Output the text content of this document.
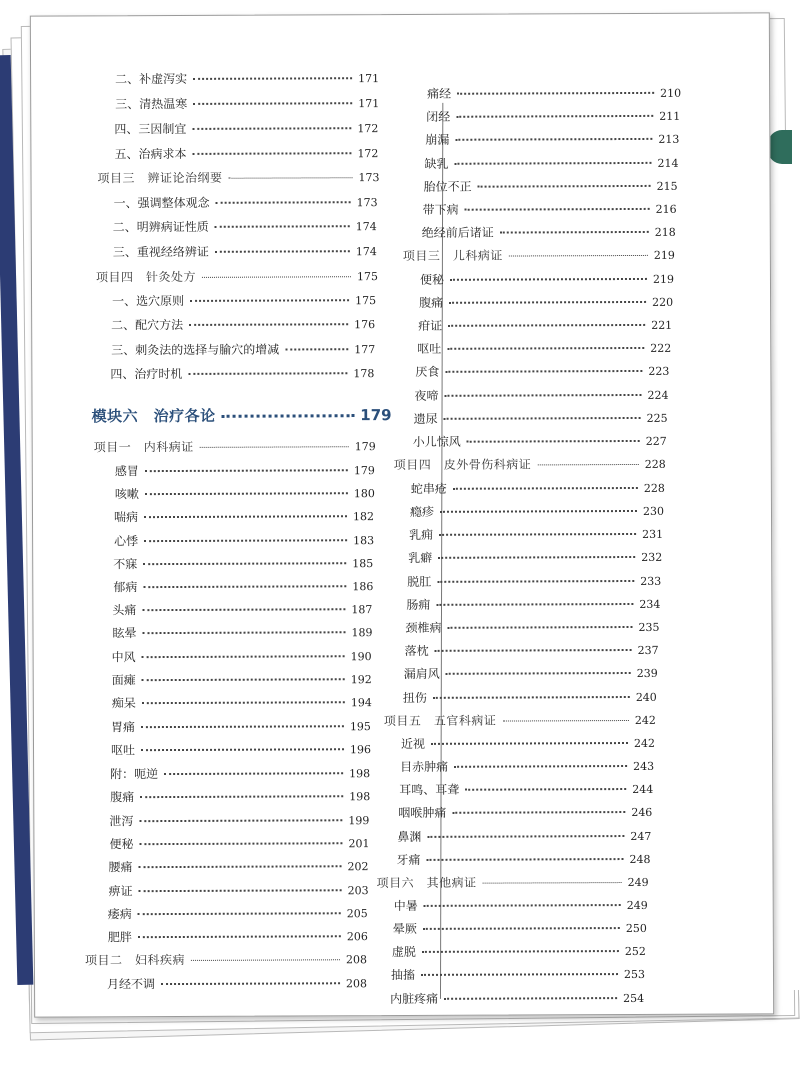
二、补虚泻实	171
三、清热温寒	171
四、三因制宜	172
五、治病求本	172
项目三　辨证论治纲要	173
一、强调整体观念	173
二、明辨病证性质	174
三、重视经络辨证	174
项目四　针灸处方	175
一、选穴原则	175
二、配穴方法	176
三、刺灸法的选择与腧穴的增减	177
四、治疗时机	178
模块六　治疗各论	179
项目一　内科病证	179
感冒	179
咳嗽	180
喘病	182
心悸	183
不寐	185
郁病	186
头痛	187
眩晕	189
中风	190
面瘫	192
痴呆	194
胃痛	195
呕吐	196
附：呃逆	198
腹痛	198
泄泻	199
便秘	201
腰痛	202
痹证	203
痿病	205
肥胖	206
项目二　妇科疾病	208
月经不调	208
痛经	210
闭经	211
崩漏	213
缺乳	214
胎位不正	215
带下病	216
绝经前后诸证	218
项目三　儿科病证	219
便秘	219
腹痛	220
疳证	221
呕吐	222
厌食	223
夜啼	224
遗尿	225
小儿惊风	227
项目四　皮外骨伤科病证	228
蛇串疮	228
瘾疹	230
乳痈	231
乳癖	232
脱肛	233
肠痈	234
颈椎病	235
落枕	237
漏肩风	239
扭伤	240
项目五　五官科病证	242
近视	242
目赤肿痛	243
耳鸣、耳聋	244
咽喉肿痛	246
鼻渊	247
牙痛	248
项目六　其他病证	249
中暑	249
晕厥	250
虚脱	252
抽搐	253
内脏疼痛	254
